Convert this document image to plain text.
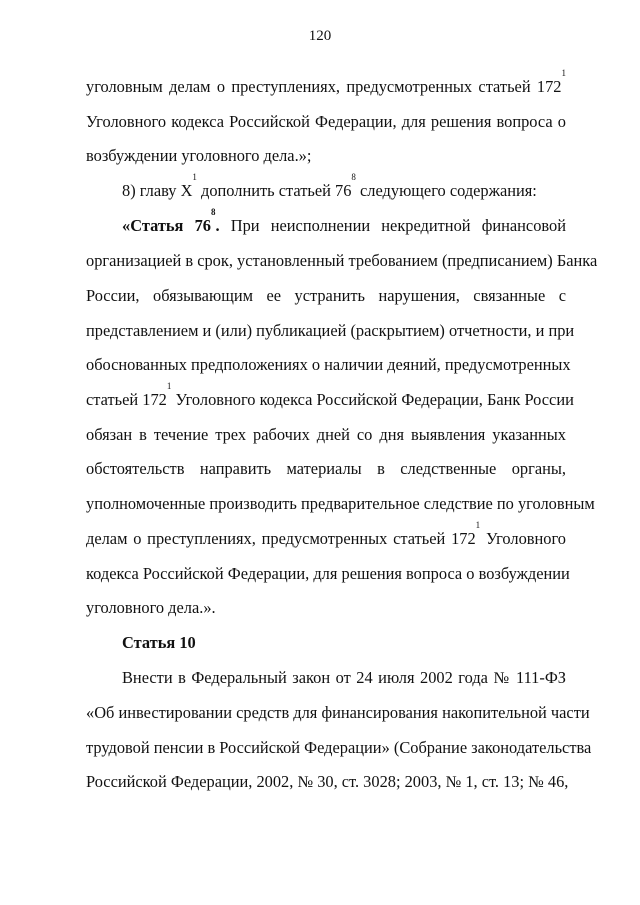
120
уголовным делам о преступлениях, предусмотренных статьей $172^1$
Уголовного кодекса Российской Федерации, для решения вопроса о
возбуждении уголовного дела.»;
8) главу $X^1$ дополнить статьей $76^8$ следующего содержания:
«Статья $76^8$. При неисполнении некредитной финансовой
организацией в срок, установленный требованием (предписанием) Банка
России, обязывающим ее устранить нарушения, связанные с
представлением и (или) публикацией (раскрытием) отчетности, и при
обоснованных предположениях о наличии деяний, предусмотренных
статьей $172^1$ Уголовного кодекса Российской Федерации, Банк России
обязан в течение трех рабочих дней со дня выявления указанных
обстоятельств направить материалы в следственные органы,
уполномоченные производить предварительное следствие по уголовным
делам о преступлениях, предусмотренных статьей $172^1$ Уголовного
кодекса Российской Федерации, для решения вопроса о возбуждении
уголовного дела.».
Статья 10
Внести в Федеральный закон от 24 июля 2002 года № 111-ФЗ
«Об инвестировании средств для финансирования накопительной части
трудовой пенсии в Российской Федерации» (Собрание законодательства
Российской Федерации, 2002, № 30, ст. 3028; 2003, № 1, ст. 13; № 46,
